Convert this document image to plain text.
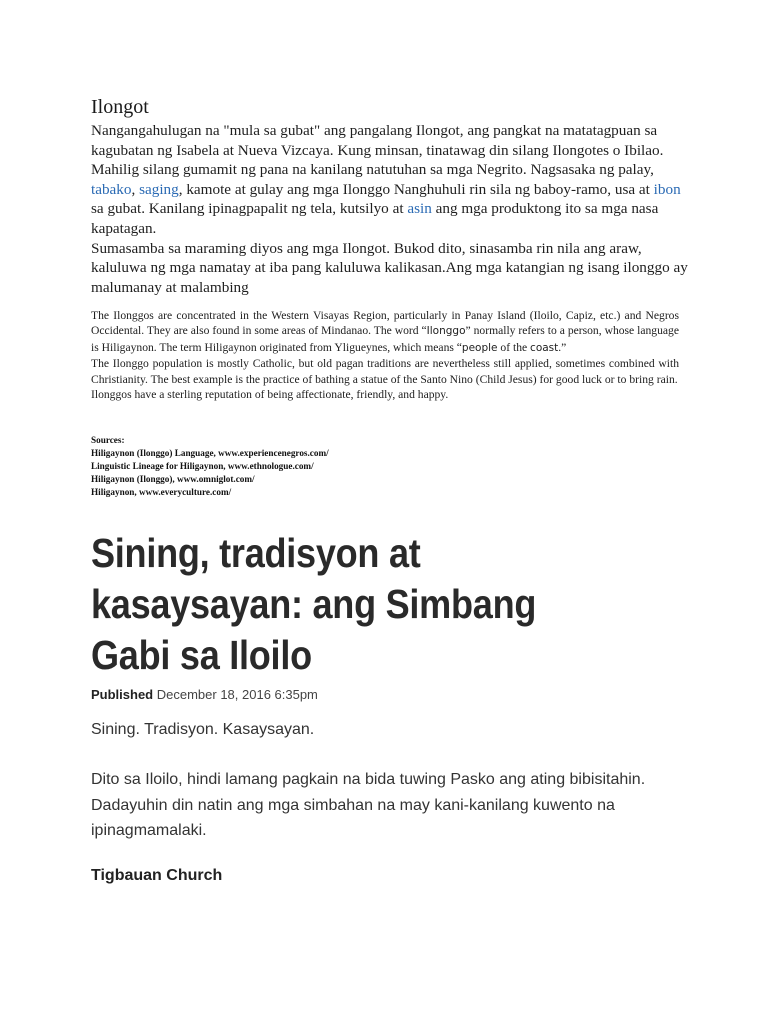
Ilongot

Nangangahulugan na "mula sa gubat" ang pangalang Ilongot, ang pangkat na matatagpuan sa kagubatan ng Isabela at Nueva Vizcaya. Kung minsan, tinatawag din silang Ilongotes o Ibilao. Mahilig silang gumamit ng pana na kanilang natutuhan sa mga Negrito. Nagsasaka ng palay, tabako, saging, kamote at gulay ang mga Ilonggo Nanghuhuli rin sila ng baboy-ramo, usa at ibon sa gubat. Kanilang ipinagpapalit ng tela, kutsilyo at asin ang mga produktong ito sa mga nasa kapatagan.
Sumasamba sa maraming diyos ang mga Ilongot. Bukod dito, sinasamba rin nila ang araw, kaluluwa ng mga namatay at iba pang kaluluwa kalikasan.Ang mga katangian ng isang ilonggo ay malumanay at malambing

The Ilonggos are concentrated in the Western Visayas Region, particularly in Panay Island (Iloilo, Capiz, etc.) and Negros Occidental. They are also found in some areas of Mindanao. The word “Ilonggo” normally refers to a person, whose language is Hiligaynon. The term Hiligaynon originated from Yligueynes, which means “people of the coast.”
The Ilonggo population is mostly Catholic, but old pagan traditions are nevertheless still applied, sometimes combined with Christianity. The best example is the practice of bathing a statue of the Santo Nino (Child Jesus) for good luck or to bring rain.
Ilonggos have a sterling reputation of being affectionate, friendly, and happy.

Sources:
Hiligaynon (Ilonggo) Language, www.experiencenegros.com/
Linguistic Lineage for Hiligaynon, www.ethnologue.com/
Hiligaynon (Ilonggo), www.omniglot.com/
Hiligaynon, www.everyculture.com/
Sining, tradisyon at kasaysayan: ang Simbang Gabi sa Iloilo
Published December 18, 2016 6:35pm

Sining. Tradisyon. Kasaysayan.

Dito sa Iloilo, hindi lamang pagkain na bida tuwing Pasko ang ating bibisitahin. Dadayuhin din natin ang mga simbahan na may kani-kanilang kuwento na ipinagmamalaki.

Tigbauan Church
